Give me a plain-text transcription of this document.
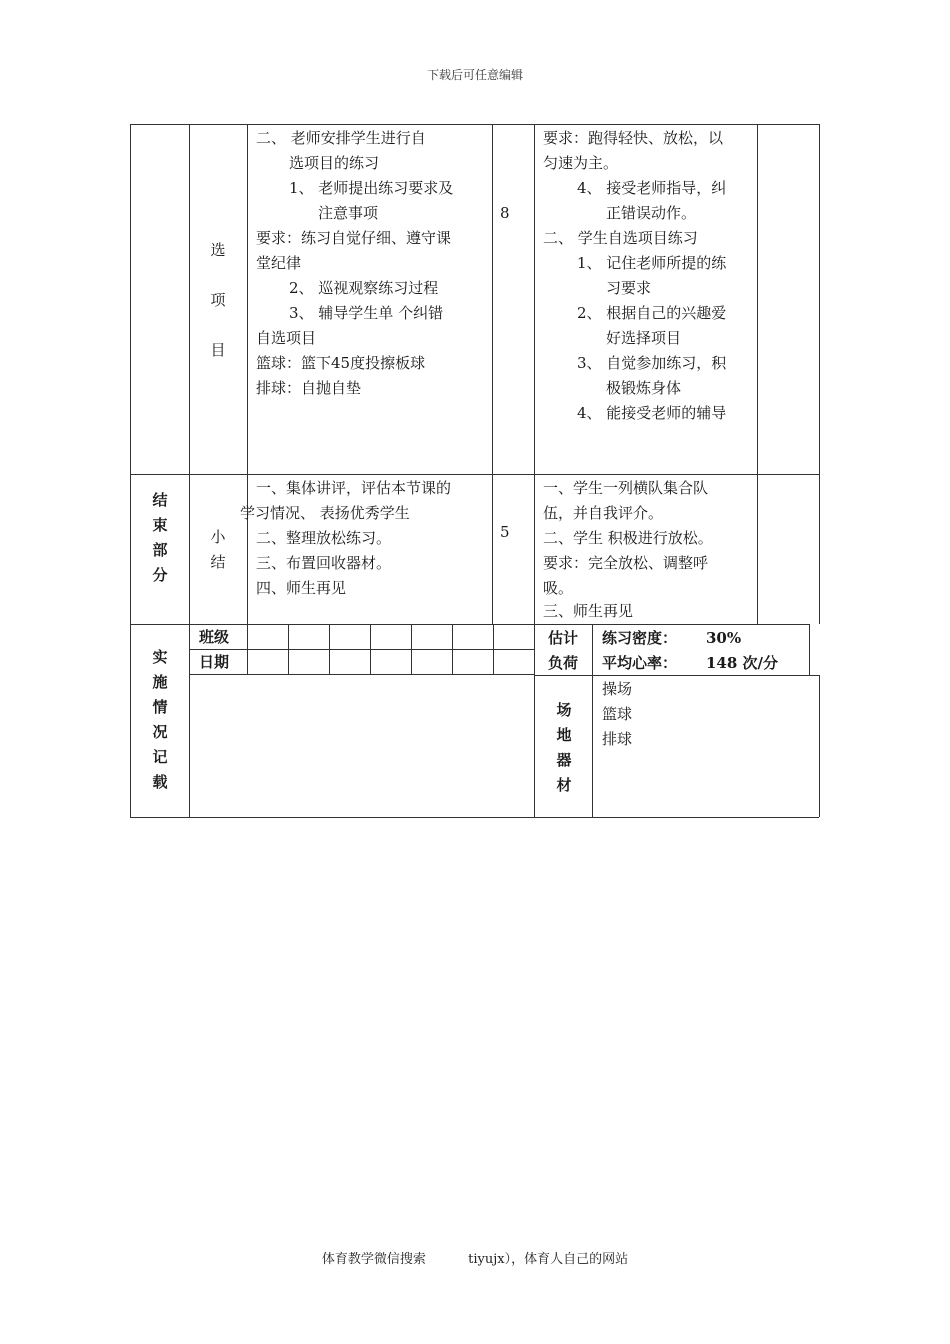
下载后可任意编辑
选
项
目
二、 老师安排学生进行自
选项目的练习
1、 老师提出练习要求及
注意事项
要求：练习自觉仔细、遵守课
堂纪律
2、 巡视观察练习过程
3、 辅导学生单 个纠错
自选项目
篮球：篮下45度投擦板球
排球：自抛自垫
8
要求：跑得轻快、放松，以
匀速为主。
4、 接受老师指导，纠
正错误动作。
二、 学生自选项目练习
1、 记住老师所提的练
习要求
2、 根据自己的兴趣爱
好选择项目
3、 自觉参加练习，积
极锻炼身体
4、 能接受老师的辅导
结
束
部
分
小
结
一、集体讲评，评估本节课的
学习情况、 表扬优秀学生
二、整理放松练习。
三、布置回收器材。
四、师生再见
5
一、学生一列横队集合队
伍，并自我评介。
二、学生 积极进行放松。
要求：完全放松、调整呼
吸。
三、师生再见
实
施
情
况
记
载
班级
日期
估计
负荷
练习密度： 30%
平均心率： 148 次/分
场
地
器
材
操场
篮球
排球
体育教学微信搜索	tiyujx），体育人自己的网站
